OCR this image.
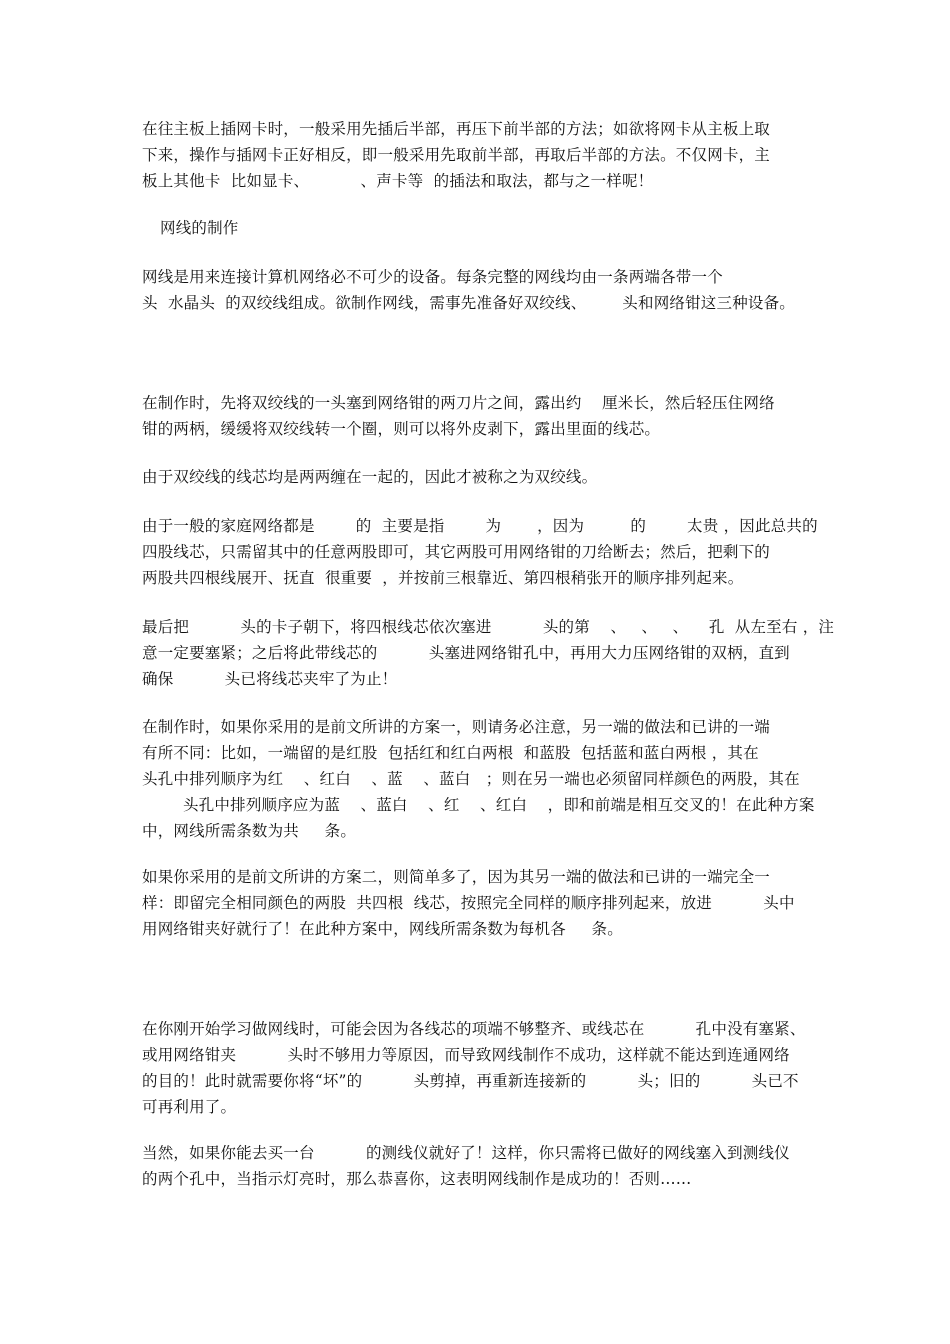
在往主板上插网卡时，一般采用先插后半部，再压下前半部的方法；如欲将网卡从主板上取
下来，操作与插网卡正好相反，即一般采用先取前半部，再取后半部的方法。不仅网卡，主
板上其他卡  比如显卡、          、声卡等  的插法和取法，都与之一样呢！
网线的制作
网线是用来连接计算机网络必不可少的设备。每条完整的网线均由一条两端各带一个
头  水晶头  的双绞线组成。欲制作网线，需事先准备好双绞线、       头和网络钳这三种设备。
在制作时，先将双绞线的一头塞到网络钳的两刀片之间，露出约    厘米长，然后轻压住网络
钳的两柄，缓缓将双绞线转一个圈，则可以将外皮剥下，露出里面的线芯。
由于双绞线的线芯均是两两缠在一起的，因此才被称之为双绞线。
由于一般的家庭网络都是        的  主要是指        为       ，因为         的        太贵 ，因此总共的
四股线芯，只需留其中的任意两股即可，其它两股可用网络钳的刀给断去；然后，把剩下的
两股共四根线展开、抚直  很重要  ，并按前三根靠近、第四根稍张开的顺序排列起来。
最后把          头的卡子朝下，将四根线芯依次塞进          头的第    、   、   、    孔  从左至右 ，注
意一定要塞紧；之后将此带线芯的          头塞进网络钳孔中，再用大力压网络钳的双柄，直到
确保          头已将线芯夹牢了为止！
在制作时，如果你采用的是前文所讲的方案一，则请务必注意，另一端的做法和已讲的一端
有所不同：比如，一端留的是红股  包括红和红白两根  和蓝股  包括蓝和蓝白两根 ，其在
头孔中排列顺序为红    、红白    、蓝    、蓝白   ；则在另一端也必须留同样颜色的两股，其在
头孔中排列顺序应为蓝    、蓝白    、红    、红白    ，即和前端是相互交叉的！在此种方案
中，网线所需条数为共     条。
如果你采用的是前文所讲的方案二，则简单多了，因为其另一端的做法和已讲的一端完全一
样：即留完全相同颜色的两股  共四根  线芯，按照完全同样的顺序排列起来，放进          头中
用网络钳夹好就行了！在此种方案中，网线所需条数为每机各     条。
在你刚开始学习做网线时，可能会因为各线芯的项端不够整齐、或线芯在          孔中没有塞紧、
或用网络钳夹          头时不够用力等原因，而导致网线制作不成功，这样就不能达到连通网络
的目的！此时就需要你将“坏”的          头剪掉，再重新连接新的          头；旧的          头已不
可再利用了。
当然，如果你能去买一台          的测线仪就好了！这样，你只需将已做好的网线塞入到测线仪
的两个孔中，当指示灯亮时，那么恭喜你，这表明网线制作是成功的！否则……
